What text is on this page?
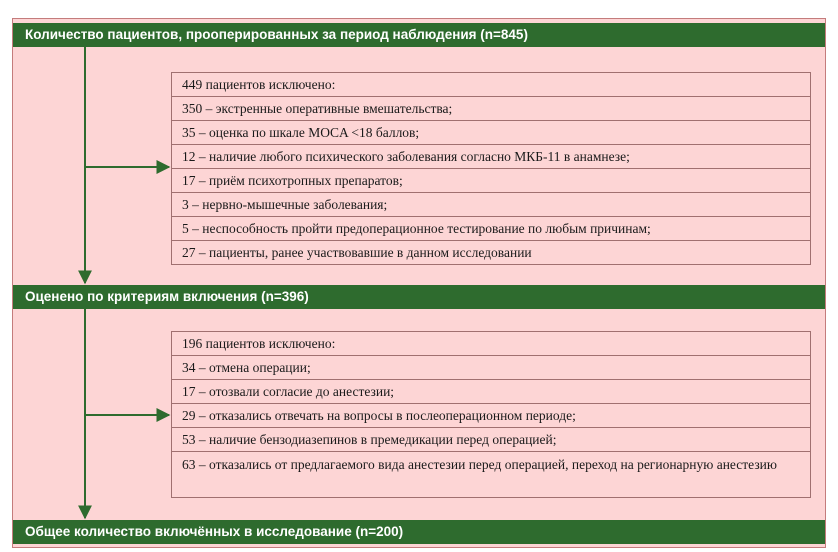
Количество пациентов, прооперированных за период наблюдения (n=845)
449 пациентов исключено:
350 – экстренные оперативные вмешательства;
35 – оценка по шкале MOCA <18 баллов;
12 – наличие любого психического заболевания согласно МКБ-11 в анамнезе;
17 – приём психотропных препаратов;
3 – нервно-мышечные заболевания;
5 – неспособность пройти предоперационное тестирование по любым причинам;
27 – пациенты, ранее участвовавшие в данном исследовании
Оценено по критериям включения (n=396)
196 пациентов исключено:
34 – отмена операции;
17 – отозвали согласие до анестезии;
29 – отказались отвечать на вопросы в послеоперационном периоде;
53 – наличие бензодиазепинов в премедикации перед операцией;
63 – отказались от предлагаемого вида анестезии перед операцией, переход на регионарную анестезию
Общее количество включённых в исследование (n=200)
